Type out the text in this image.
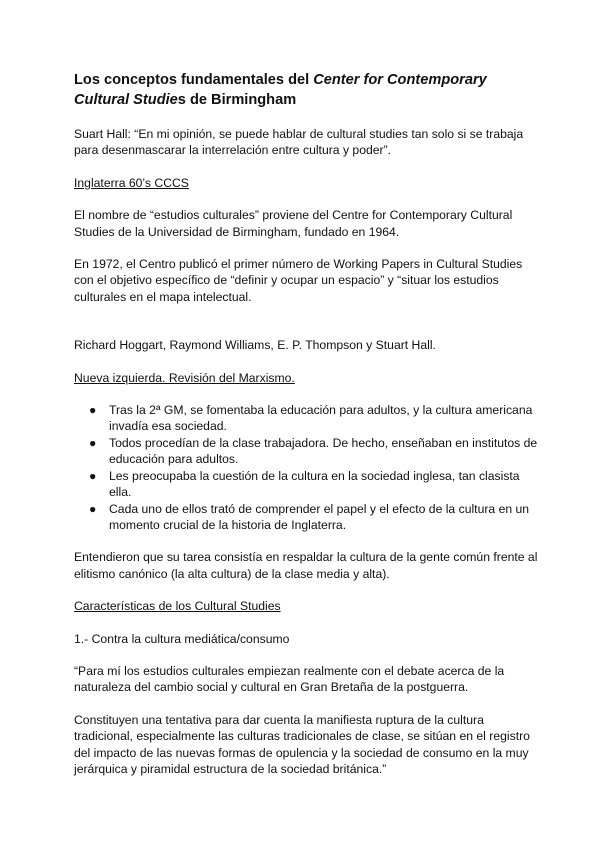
Los conceptos fundamentales del Center for Contemporary Cultural Studies de Birmingham

Suart Hall: “En mi opinión, se puede hablar de cultural studies tan solo si se trabaja para desenmascarar la interrelación entre cultura y poder”.

Inglaterra 60’s CCCS

El nombre de “estudios culturales” proviene del Centre for Contemporary Cultural Studies de la Universidad de Birmingham, fundado en 1964.

En 1972, el Centro publicó el primer número de Working Papers in Cultural Studies con el objetivo específico de “definir y ocupar un espacio” y “situar los estudios culturales en el mapa intelectual.

Richard Hoggart, Raymond Williams, E. P. Thompson y Stuart Hall.

Nueva izquierda. Revisión del Marxismo.

● Tras la 2ª GM, se fomentaba la educación para adultos, y la cultura americana invadía esa sociedad.
● Todos procedían de la clase trabajadora. De hecho, enseñaban en institutos de educación para adultos.
● Les preocupaba la cuestión de la cultura en la sociedad inglesa, tan clasista ella.
● Cada uno de ellos trató de comprender el papel y el efecto de la cultura en un momento crucial de la historia de Inglaterra.

Entendieron que su tarea consistía en respaldar la cultura de la gente común frente al elitismo canónico (la alta cultura) de la clase media y alta).

Características de los Cultural Studies

1.- Contra la cultura mediática/consumo

“Para mí los estudios culturales empiezan realmente con el debate acerca de la naturaleza del cambio social y cultural en Gran Bretaña de la postguerra.

Constituyen una tentativa para dar cuenta la manifiesta ruptura de la cultura tradicional, especialmente las culturas tradicionales de clase, se sitúan en el registro del impacto de las nuevas formas de opulencia y la sociedad de consumo en la muy jerárquica y piramidal estructura de la sociedad británica.”
